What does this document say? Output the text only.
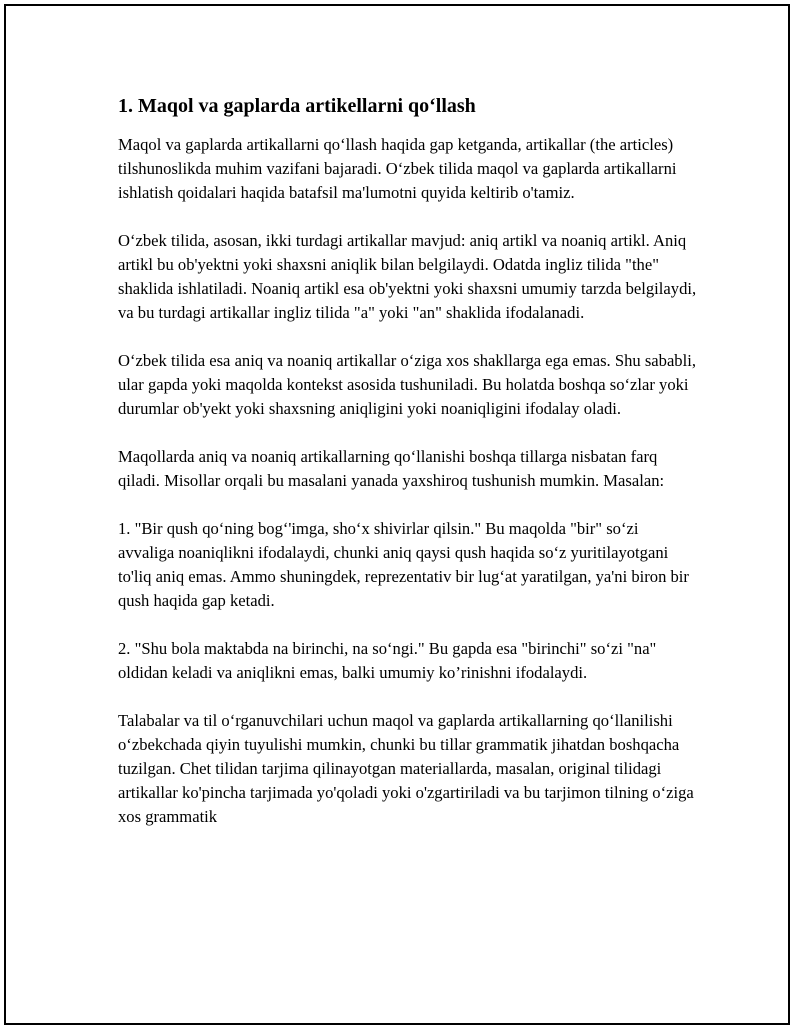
1. Maqol va gaplarda artikellarni qo‘llash

Maqol va gaplarda artikallarni qo‘llash haqida gap ketganda, artikallar (the articles) tilshunoslikda muhim vazifani bajaradi. O‘zbek tilida maqol va gaplarda artikallarni ishlatish qoidalari haqida batafsil ma'lumotni quyida keltirib o'tamiz.

O‘zbek tilida, asosan, ikki turdagi artikallar mavjud: aniq artikl va noaniq artikl. Aniq artikl bu ob'yektni yoki shaxsni aniqlik bilan belgilaydi. Odatda ingliz tilida "the" shaklida ishlatiladi. Noaniq artikl esa ob'yektni yoki shaxsni umumiy tarzda belgilaydi, va bu turdagi artikallar ingliz tilida "a" yoki "an" shaklida ifodalanadi.

O‘zbek tilida esa aniq va noaniq artikallar o‘ziga xos shakllarga ega emas. Shu sababli, ular gapda yoki maqolda kontekst asosida tushuniladi. Bu holatda boshqa so‘zlar yoki durumlar ob'yekt yoki shaxsning aniqligini yoki noaniqligini ifodalay oladi.

Maqollarda aniq va noaniq artikallarning qo‘llanishi boshqa tillarga nisbatan farq qiladi. Misollar orqali bu masalani yanada yaxshiroq tushunish mumkin. Masalan:

1. "Bir qush qo‘ning bog‘'imga, sho‘x shivirlar qilsin." Bu maqolda "bir" so‘zi avvaliga noaniqlikni ifodalaydi, chunki aniq qaysi qush haqida so‘z yuritilayotgani to'liq aniq emas. Ammo shuningdek, reprezentativ bir lug‘at yaratilgan, ya'ni biron bir qush haqida gap ketadi.

2. "Shu bola maktabda na birinchi, na so‘ngi." Bu gapda esa "birinchi" so‘zi "na" oldidan keladi va aniqlikni emas, balki umumiy ko’rinishni ifodalaydi.

Talabalar va til o‘rganuvchilari uchun maqol va gaplarda artikallarning qo‘llanilishi o‘zbekchada qiyin tuyulishi mumkin, chunki bu tillar grammatik jihatdan boshqacha tuzilgan. Chet tilidan tarjima qilinayotgan materiallarda, masalan, original tilidagi artikallar ko'pincha tarjimada yo'qoladi yoki o'zgartiriladi va bu tarjimon tilning o‘ziga xos grammatik
